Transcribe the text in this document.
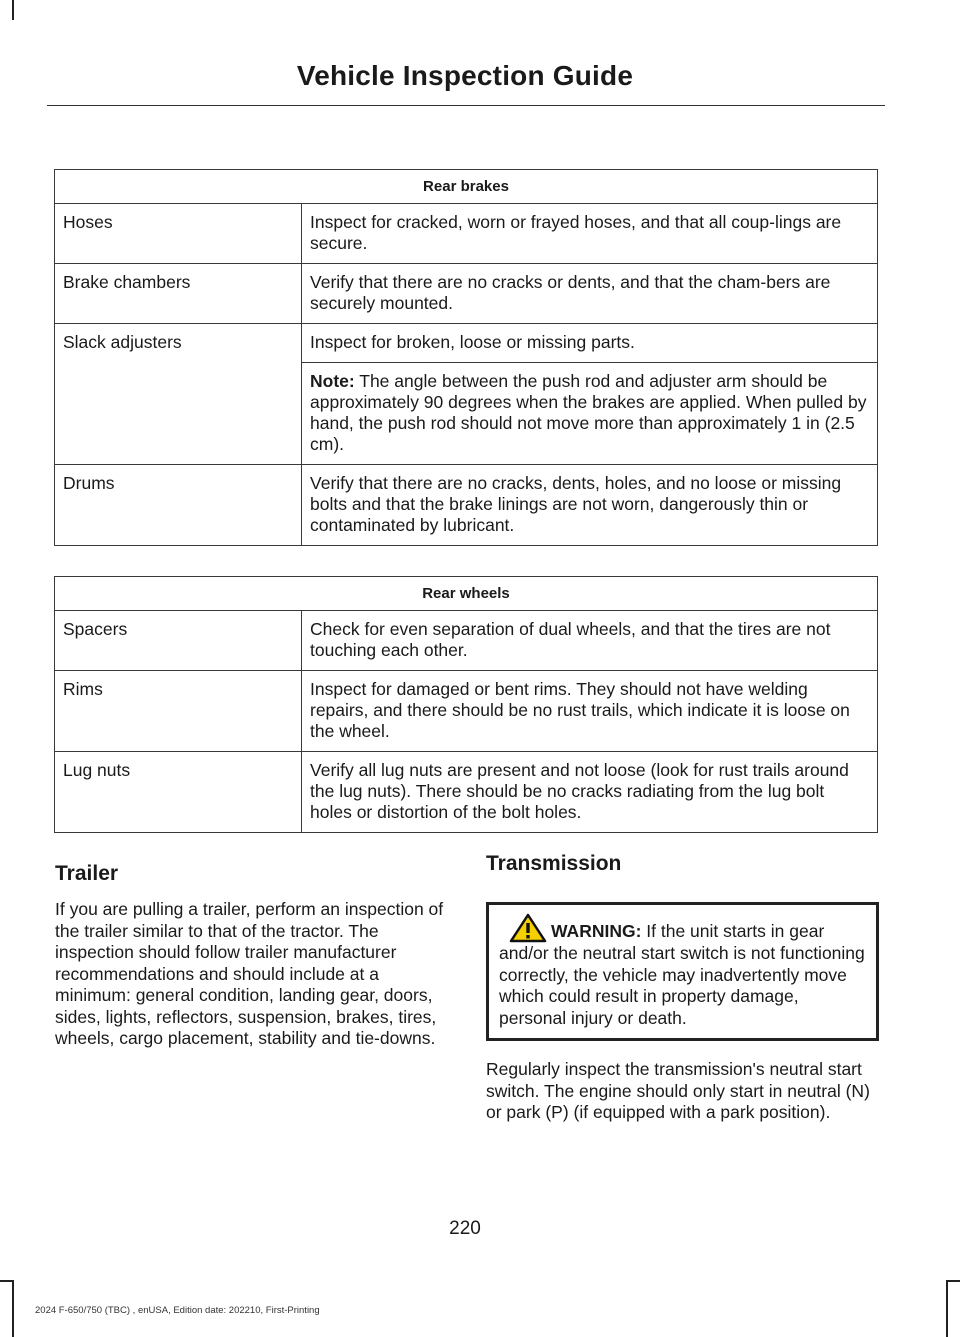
Vehicle Inspection Guide
Rear brakes	
Hoses	Inspect for cracked, worn or frayed hoses, and that all coup-lings are secure.
Brake chambers	Verify that there are no cracks or dents, and that the cham-bers are securely mounted.
Slack adjusters	Inspect for broken, loose or missing parts.
	Note: The angle between the push rod and adjuster arm should be approximately 90 degrees when the brakes are applied. When pulled by hand, the push rod should not move more than approximately 1 in (2.5 cm).
Drums	Verify that there are no cracks, dents, holes, and no loose or missing bolts and that the brake linings are not worn, dangerously thin or contaminated by lubricant.
Rear wheels	
Spacers	Check for even separation of dual wheels, and that the tires are not touching each other.
Rims	Inspect for damaged or bent rims. They should not have welding repairs, and there should be no rust trails, which indicate it is loose on the wheel.
Lug nuts	Verify all lug nuts are present and not loose (look for rust trails around the lug nuts). There should be no cracks radiating from the lug bolt holes or distortion of the bolt holes.
Trailer

If you are pulling a trailer, perform an inspection of the trailer similar to that of the tractor. The inspection should follow trailer manufacturer recommendations and should include at a minimum: general condition, landing gear, doors, sides, lights, reflectors, suspension, brakes, tires, wheels, cargo placement, stability and tie-downs.

Transmission
WARNING: If the unit starts in gear and/or the neutral start switch is not functioning correctly, the vehicle may inadvertently move which could result in property damage, personal injury or death.

Regularly inspect the transmission's neutral start switch. The engine should only start in neutral (N) or park (P) (if equipped with a park position).

220
2024 F-650/750 (TBC) , enUSA, Edition date: 202210, First-Printing
